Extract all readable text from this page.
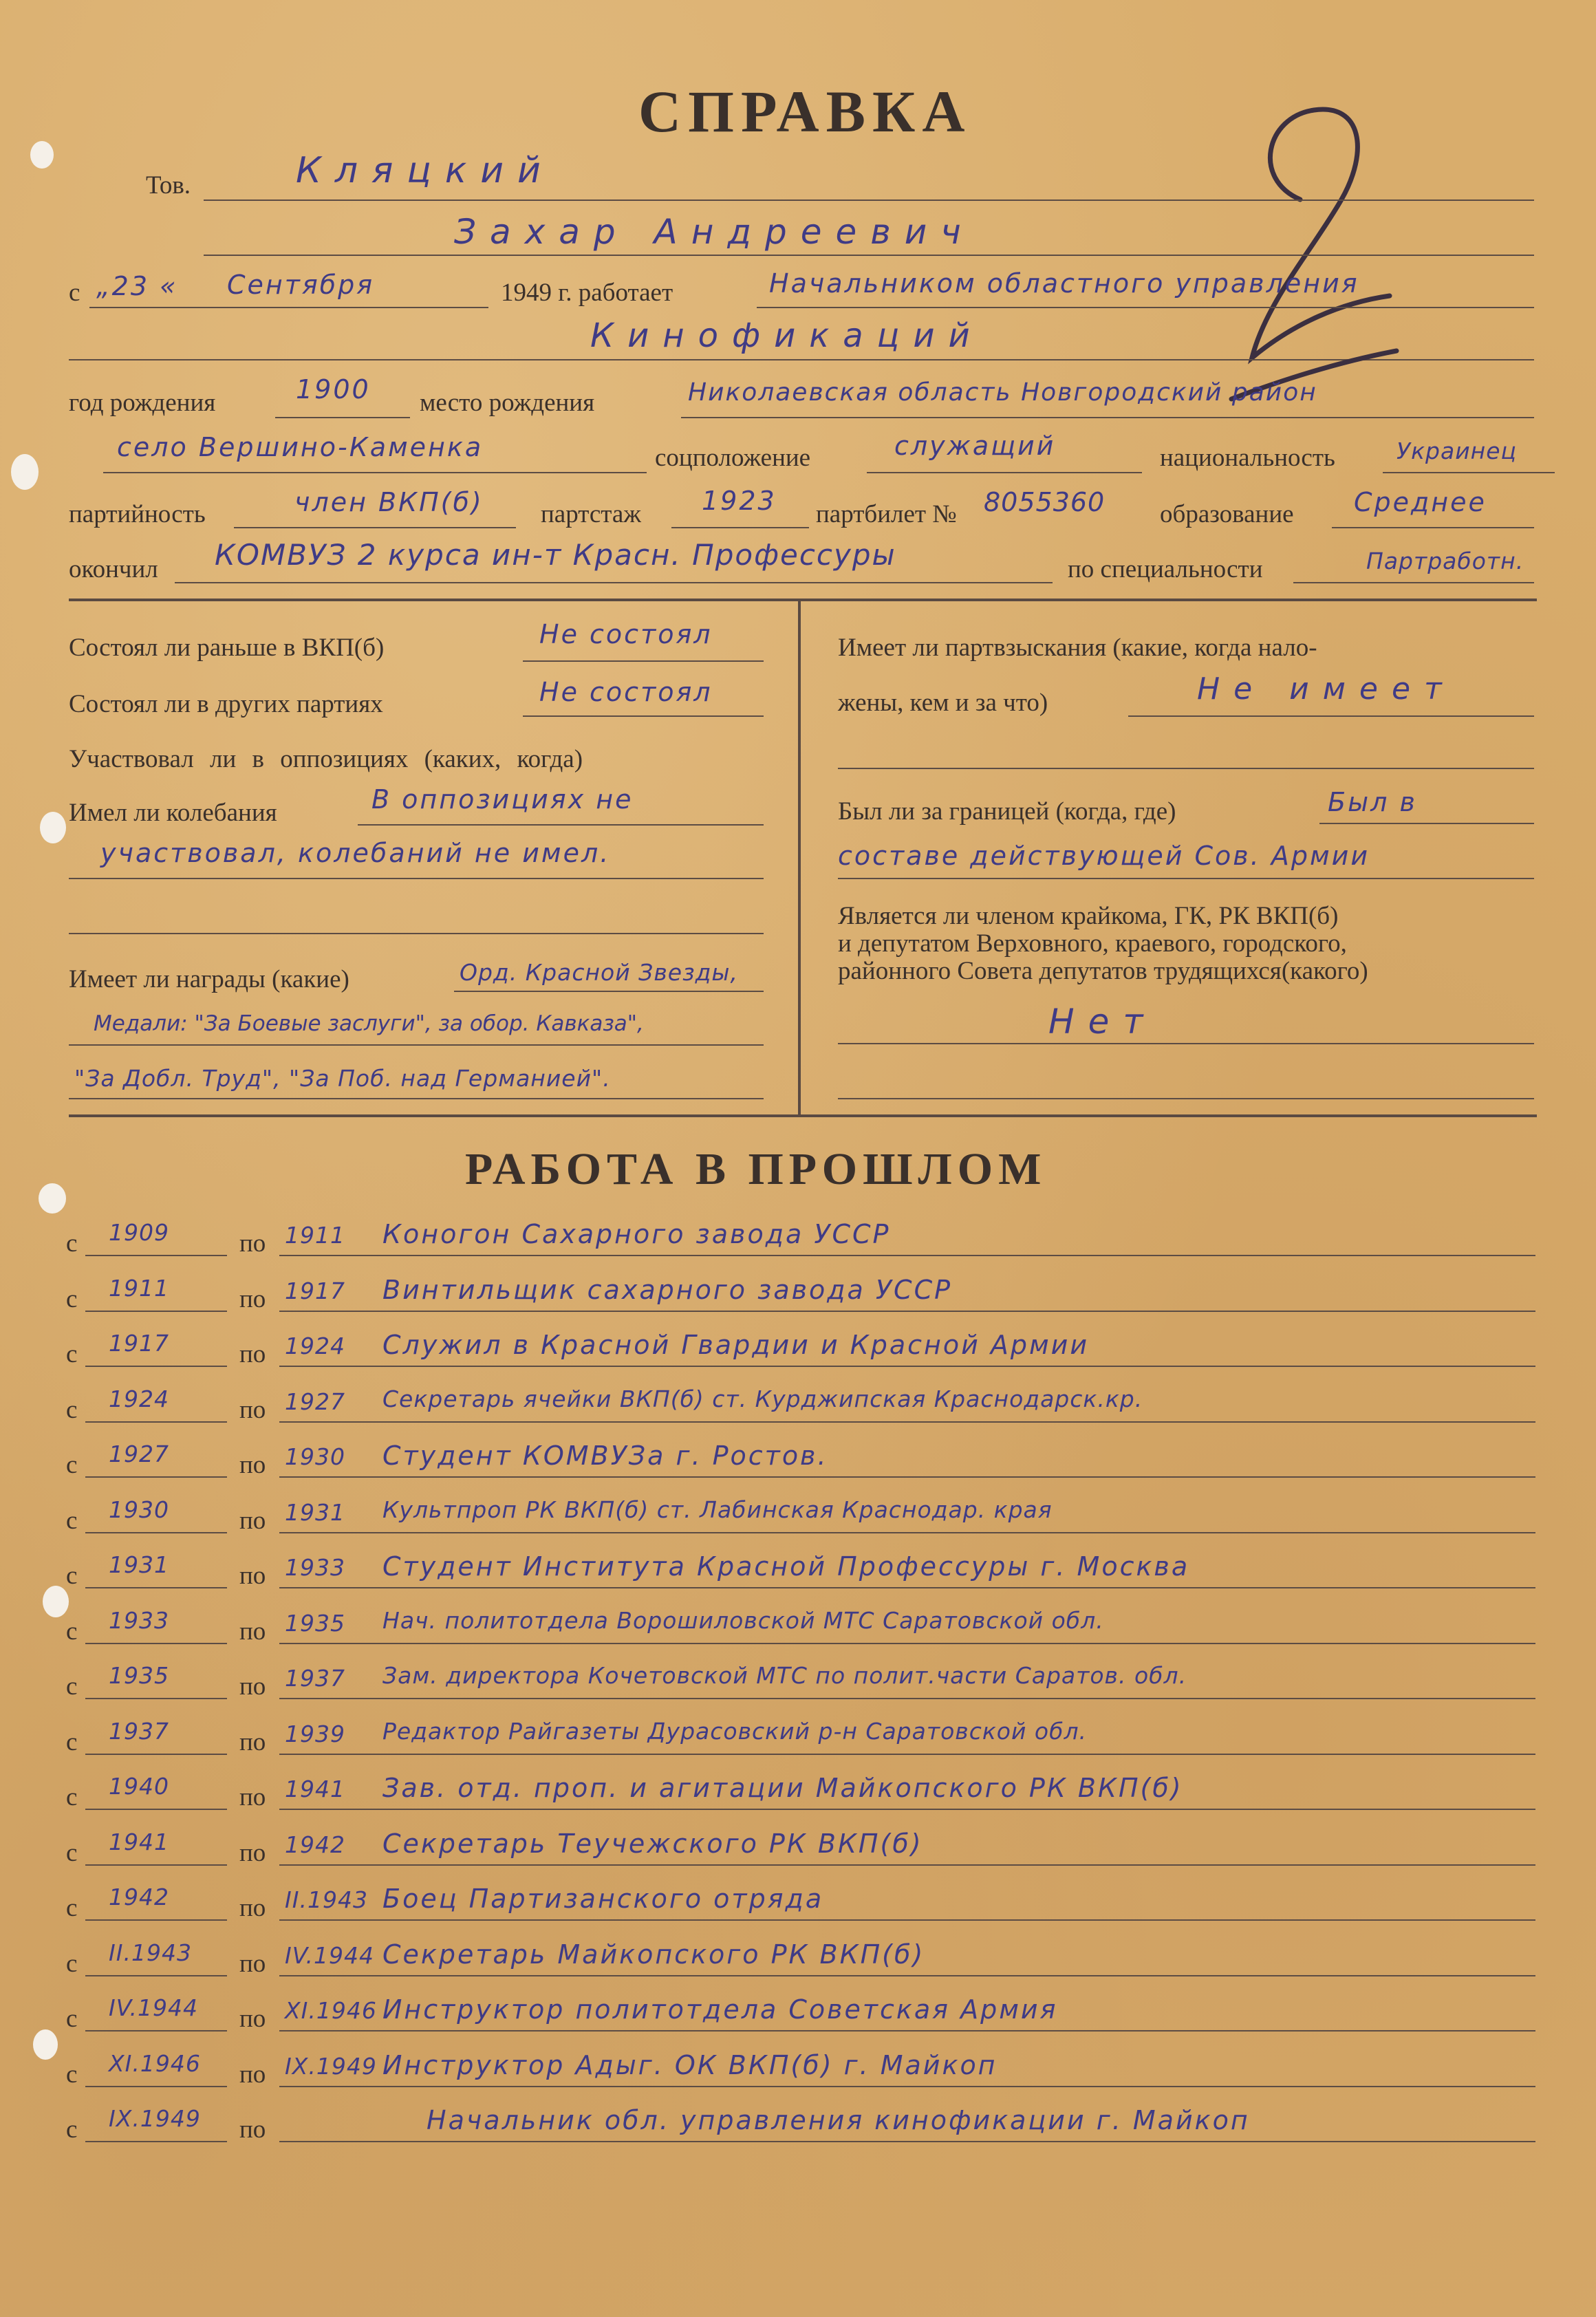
СПРАВКА
Тов.	Кляцкий
Захар Андреевич
с „23 « Сентября	1949 г. работает	Начальником областного управления
Кинофикаций
год рождения	1900 место рождения	Николаевская область Новгородский район
село Вершино-Каменка	соцположение	служащий	национальность	Украинец
партийность	член ВКП(б) партстаж 1923 партбилет № 8055360 образование Среднее
окончил КОМВУЗ 2 курса ин-т Красн. Профессуры	по специальности	Партработн.
Состоял ли раньше в ВКП(б)	Не состоял
Состоял ли в других партиях	Не состоял
Участвовал ли в оппозициях (каких, когда)
Имел ли колебания	В оппозициях не
участвовал, колебаний не имел.
Имеет ли награды (какие)	Орд. Красной Звезды,
Медали: "За Боевые заслуги", за обор. Кавказа",
"За Добл. Труд", "За Поб. над Германией".
Имеет ли партвзыскания (какие, когда нало-
жены, кем и за что)	Не имеет
Был ли за границей (когда, где)	Был в
составе действующей Сов. Армии
Является ли членом крайкома, ГК, РК ВКП(б)
и депутатом Верховного, краевого, городского,
районного Совета депутатов трудящихся(какого)
Нет
РАБОТА В ПРОШЛОМ
с 1909	по 1911 Коногон Сахарного завода УССР
с 1911	по 1917 Винтильщик сахарного завода УССР
с 1917	по 1924 Служил в Красной Гвардии и Красной Армии
с 1924	по 1927 Секретарь ячейки ВКП(б) ст. Курджипская Краснодарск.кр.
с 1927	по 1930 Студент КОМВУЗа г. Ростов.
с 1930	по 1931 Культпроп РК ВКП(б) ст. Лабинская Краснодар. края
с 1931	по 1933 Студент Института Красной Профессуры г. Москва
с 1933	по 1935 Нач. политотдела Ворошиловской МТС Саратовской обл.
с 1935	по 1937 Зам. директора Кочетовской МТС по полит.части Саратов. обл.
с 1937	по 1939 Редактор Райгазеты Дурасовский р-н Саратовской обл.
с 1940	по 1941 Зав. отд. проп. и агитации Майкопского РК ВКП(б)
с 1941	по 1942 Секретарь Теучежского РК ВКП(б)
с 1942	по II.1943 Боец Партизанского отряда
с II.1943 по IV.1944 Секретарь Майкопского РК ВКП(б)
с IV.1944 по XI.1946 Инструктор политотдела Советская Армия
с XI.1946 по IX.1949 Инструктор Адыг. ОК ВКП(б) г. Майкоп
с IX.1949 по	Начальник обл. управления кинофикации г. Майкоп
